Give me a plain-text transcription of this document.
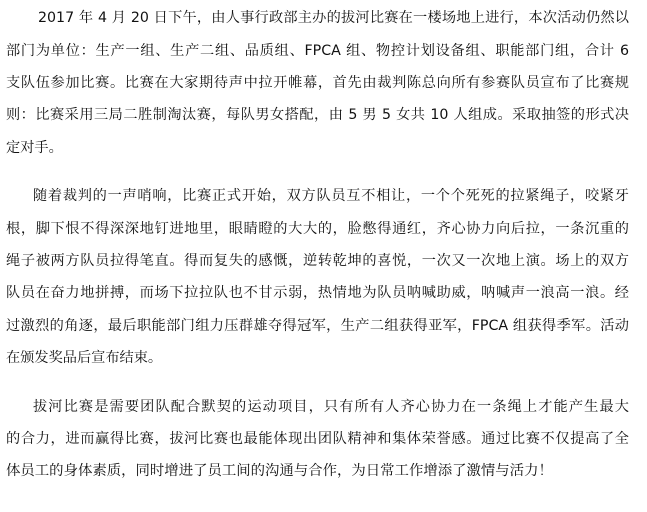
2017 年 4 月 20 日下午，由人事行政部主办的拔河比赛在一楼场地上进行，本次活动仍然以
部门为单位：生产一组、生产二组、品质组、FPCA 组、物控计划设备组、职能部门组，合计 6
支队伍参加比赛。比赛在大家期待声中拉开帷幕，首先由裁判陈总向所有参赛队员宣布了比赛规
则：比赛采用三局二胜制淘汰赛，每队男女搭配，由 5 男 5 女共 10 人组成。采取抽签的形式决
定对手。
随着裁判的一声哨响，比赛正式开始，双方队员互不相让，一个个死死的拉紧绳子，咬紧牙
根，脚下恨不得深深地钉进地里，眼睛瞪的大大的，脸憋得通红，齐心协力向后拉，一条沉重的
绳子被两方队员拉得笔直。得而复失的感慨，逆转乾坤的喜悦，一次又一次地上演。场上的双方
队员在奋力地拼搏，而场下拉拉队也不甘示弱，热情地为队员呐喊助威，呐喊声一浪高一浪。经
过激烈的角逐，最后职能部门组力压群雄夺得冠军，生产二组获得亚军，FPCA 组获得季军。活动
在颁发奖品后宣布结束。
拔河比赛是需要团队配合默契的运动项目，只有所有人齐心协力在一条绳上才能产生最大
的合力，进而赢得比赛，拔河比赛也最能体现出团队精神和集体荣誉感。通过比赛不仅提高了全
体员工的身体素质，同时增进了员工间的沟通与合作，为日常工作增添了激情与活力！
